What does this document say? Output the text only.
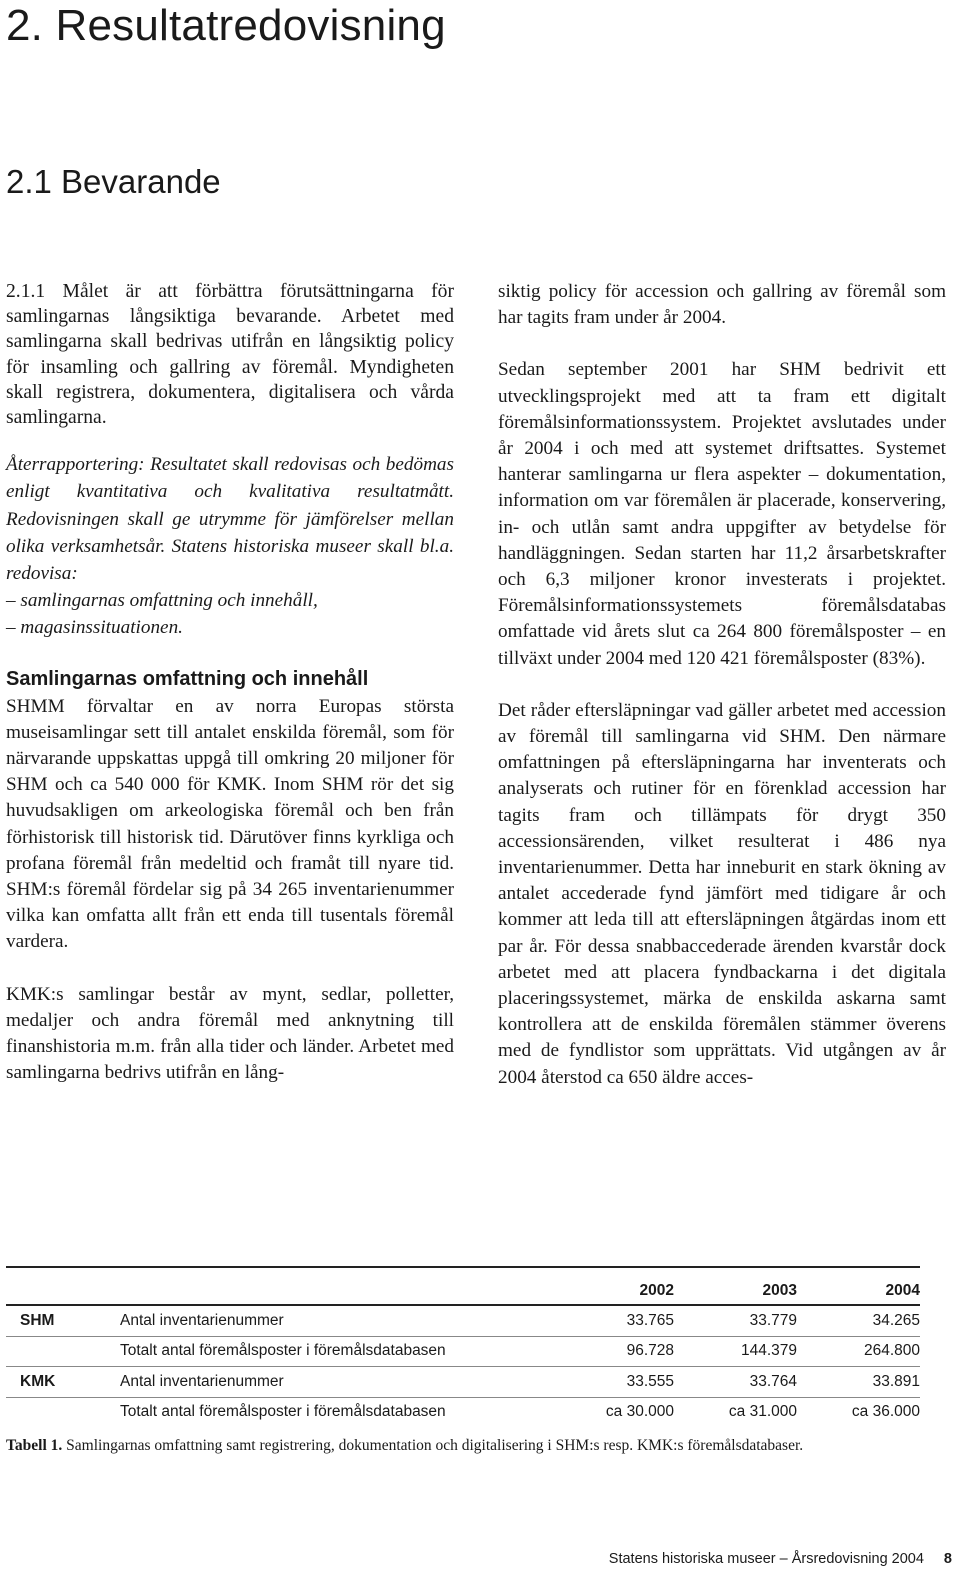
2. Resultatredovisning
2.1 Bevarande

2.1.1 Målet är att förbättra förutsättningarna för samlingarnas långsiktiga bevarande. Arbetet med samlingarna skall bedrivas utifrån en långsiktig policy för insamling och gallring av föremål. Myndigheten skall registrera, dokumentera, digitalisera och vårda samlingarna.

Återrapportering: Resultatet skall redovisas och bedömas enligt kvantitativa och kvalitativa resultatmått. Redovisningen skall ge utrymme för jämförelser mellan olika verksamhetsår. Statens historiska museer skall bl.a. redovisa:
– samlingarnas omfattning och innehåll,
– magasinssituationen.

Samlingarnas omfattning och innehåll

SHMM förvaltar en av norra Europas största museisamlingar sett till antalet enskilda föremål, som för närvarande uppskattas uppgå till omkring 20 miljoner för SHM och ca 540 000 för KMK. Inom SHM rör det sig huvudsakligen om arkeologiska föremål och ben från förhistorisk till historisk tid. Därutöver finns kyrkliga och profana föremål från medeltid och framåt till nyare tid. SHM:s föremål fördelar sig på 34 265 inventarienummer vilka kan omfatta allt från ett enda till tusentals föremål vardera.

KMK:s samlingar består av mynt, sedlar, polletter, medaljer och andra föremål med anknytning till finanshistoria m.m. från alla tider och länder. Arbetet med samlingarna bedrivs utifrån en lång-

siktig policy för accession och gallring av föremål som har tagits fram under år 2004.

Sedan september 2001 har SHM bedrivit ett utvecklingsprojekt med att ta fram ett digitalt föremålsinformationssystem. Projektet avslutades under år 2004 i och med att systemet driftsattes. Systemet hanterar samlingarna ur flera aspekter – dokumentation, information om var föremålen är placerade, konservering, in- och utlån samt andra uppgifter av betydelse för handläggningen. Sedan starten har 11,2 årsarbetskrafter och 6,3 miljoner kronor investerats i projektet. Föremålsinformationssystemets föremålsdatabas omfattade vid årets slut ca 264 800 föremålsposter – en tillväxt under 2004 med 120 421 föremålsposter (83%).

Det råder eftersläpningar vad gäller arbetet med accession av föremål till samlingarna vid SHM. Den närmare omfattningen på eftersläpningarna har inventerats och analyserats och rutiner för en förenklad accession har tagits fram och tillämpats för drygt 350 accessionsärenden, vilket resulterat i 486 nya inventarienummer. Detta har inneburit en stark ökning av antalet accederade fynd jämfört med tidigare år och kommer att leda till att eftersläpningen åtgärdas inom ett par år. För dessa snabbaccederade ärenden kvarstår dock arbetet med att placera fyndbackarna i det digitala placeringssystemet, märka de enskilda askarna samt kontrollera att de enskilda föremålen stämmer överens med de fyndlistor som upprättats. Vid utgången av år 2004 återstod ca 650 äldre acces-

		2002	2003	2004
SHM	Antal inventarienummer	33.765	33.779	34.265
	Totalt antal föremålsposter i föremålsdatabasen	96.728	144.379	264.800
KMK	Antal inventarienummer	33.555	33.764	33.891
	Totalt antal föremålsposter i föremålsdatabasen	ca 30.000	ca 31.000	ca 36.000
Tabell 1. Samlingarnas omfattning samt registrering, dokumentation och digitalisering i SHM:s resp. KMK:s föremålsdatabaser.
Statens historiska museer – Årsredovisning 2004 8
